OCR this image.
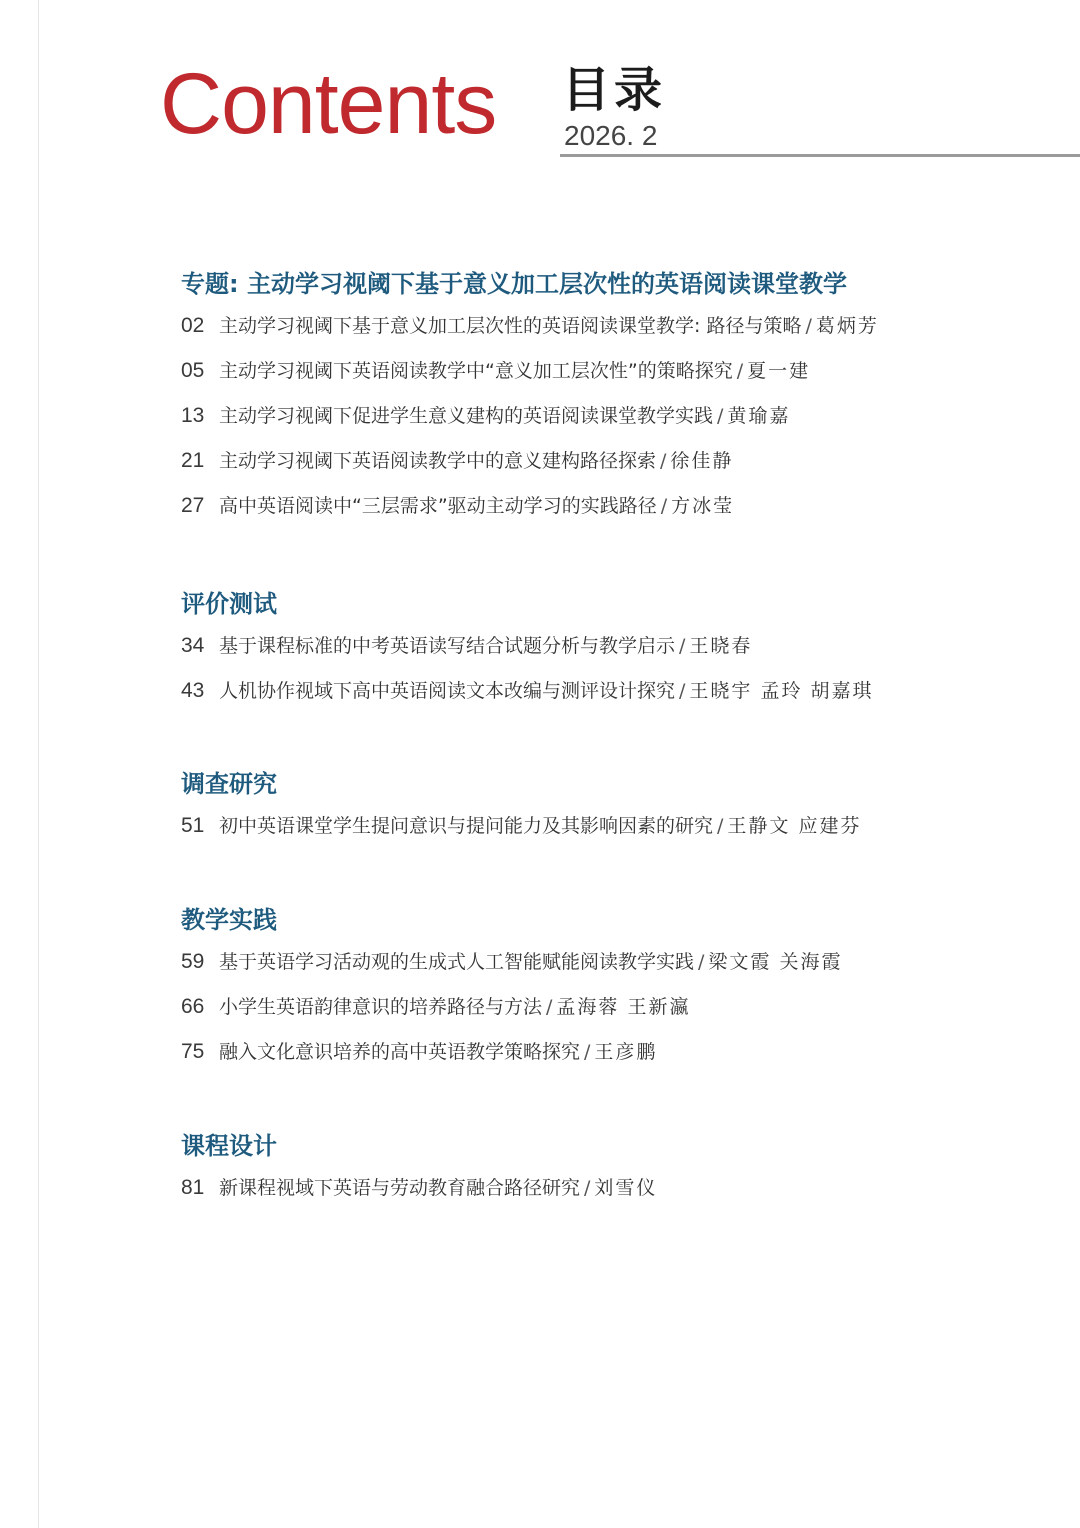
Contents 目录
2026. 2
专题: 主动学习视阈下基于意义加工层次性的英语阅读课堂教学
02 主动学习视阈下基于意义加工层次性的英语阅读课堂教学: 路径与策略 / 葛炳芳
05 主动学习视阈下英语阅读教学中“意义加工层次性”的策略探究 / 夏一建
13 主动学习视阈下促进学生意义建构的英语阅读课堂教学实践 / 黄瑜嘉
21 主动学习视阈下英语阅读教学中的意义建构路径探索 / 徐佳静
27 高中英语阅读中“三层需求”驱动主动学习的实践路径 / 方冰莹
评价测试
34 基于课程标准的中考英语读写结合试题分析与教学启示 / 王晓春
43 人机协作视域下高中英语阅读文本改编与测评设计探究 / 王晓宇 孟玲 胡嘉琪
调查研究
51 初中英语课堂学生提问意识与提问能力及其影响因素的研究 / 王静文 应建芬
教学实践
59 基于英语学习活动观的生成式人工智能赋能阅读教学实践 / 梁文霞 关海霞
66 小学生英语韵律意识的培养路径与方法 / 孟海蓉 王新瀛
75 融入文化意识培养的高中英语教学策略探究 / 王彦鹏
课程设计
81 新课程视域下英语与劳动教育融合路径研究 / 刘雪仪
